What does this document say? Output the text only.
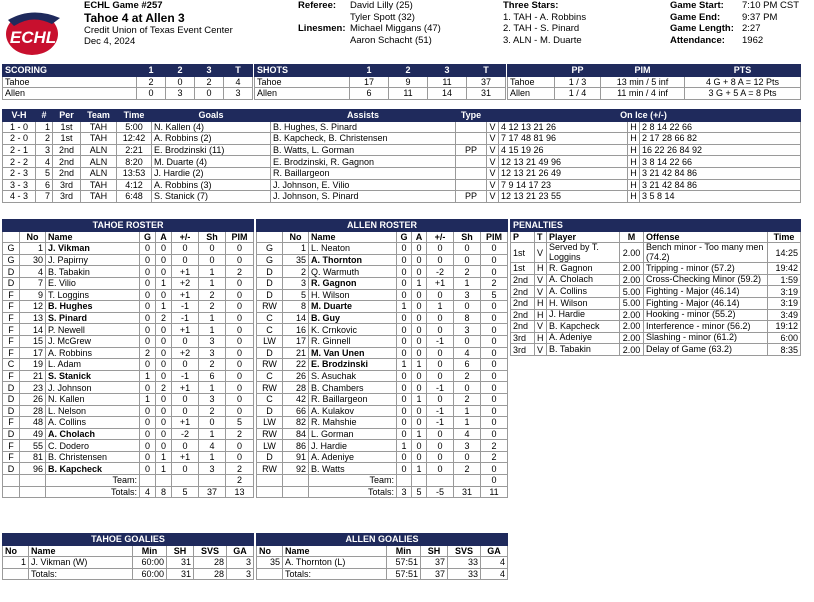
ECHL
ECHL Game #257
Tahoe 4 at Allen 3
Credit Union of Texas Event Center
Dec 4, 2024
Referee: David Lilly (25)
Tyler Spott (32)
Linesmen: Michael Miggans (47)
Aaron Schacht (51)
Three Stars:
1. TAH - A. Robbins
2. TAH - S. Pinard
3. ALN - M. Duarte
Game Start: 7:10 PM CST
Game End: 9:37 PM
Game Length: 2:27
Attendance: 1962
SCORING	1	2	3	T
Tahoe	2	0	2	4
Allen	0	3	0	3
SHOTS	1	2	3	T
Tahoe	17	9	11	37
Allen	6	11	14	31
	PP	PIM	PTS
Tahoe	1 / 3	13 min / 5 inf	4 G + 8 A = 12 Pts
Allen	1 / 4	11 min / 4 inf	3 G + 5 A = 8 Pts
V-H	#	Per	Team	Time	Goals	Assists	Type	On Ice (+/-)			
1 - 0	1	1st	TAH	5:00	N. Kallen (4)	B. Hughes, S. Pinard		V	4 12 13 21 26	H	2 8 14 22 66
2 - 0	2	1st	TAH	12:42	A. Robbins (2)	B. Kapcheck, B. Christensen		V	7 17 48 81 96	H	2 17 28 66 82
2 - 1	3	2nd	ALN	2:21	E. Brodzinski (11)	B. Watts, L. Gorman	PP	V	4 15 19 26	H	16 22 26 84 92
2 - 2	4	2nd	ALN	8:20	M. Duarte (4)	E. Brodzinski, R. Gagnon		V	12 13 21 49 96	H	3 8 14 22 66
2 - 3	5	2nd	ALN	13:53	J. Hardie (2)	R. Baillargeon		V	12 13 21 26 49	H	3 21 42 84 86
3 - 3	6	3rd	TAH	4:12	A. Robbins (3)	J. Johnson, E. Vilio		V	7 9 14 17 23	H	3 21 42 84 86
4 - 3	7	3rd	TAH	6:48	S. Stanick (7)	J. Johnson, S. Pinard	PP	V	12 13 21 23 55	H	3 5 8 14
TAHOE ROSTER							
	No	Name	G	A	+/-	Sh	PIM
G	1	J. Vikman	0	0	0	0	0
G	30	J. Papirny	0	0	0	0	0
D	4	B. Tabakin	0	0	+1	1	2
D	7	E. Vilio	0	1	+2	1	0
F	9	T. Loggins	0	0	+1	2	0
F	12	B. Hughes	0	1	-1	2	0
F	13	S. Pinard	0	2	-1	1	0
F	14	P. Newell	0	0	+1	1	0
F	15	J. McGrew	0	0	0	3	0
F	17	A. Robbins	2	0	+2	3	0
C	19	L. Adam	0	0	0	2	0
F	21	S. Stanick	1	0	-1	6	0
D	23	J. Johnson	0	2	+1	1	0
D	26	N. Kallen	1	0	0	3	0
D	28	L. Nelson	0	0	0	2	0
F	48	A. Collins	0	0	+1	0	5
D	49	A. Cholach	0	0	-2	1	2
F	55	C. Dodero	0	0	0	4	0
F	81	B. Christensen	0	1	+1	1	0
D	96	B. Kapcheck	0	1	0	3	2
		Team:					2
		Totals:	4	8	5	37	13
ALLEN ROSTER							
	No	Name	G	A	+/-	Sh	PIM
G	1	L. Neaton	0	0	0	0	0
G	35	A. Thornton	0	0	0	0	0
D	2	Q. Warmuth	0	0	-2	2	0
D	3	R. Gagnon	0	1	+1	1	2
D	5	H. Wilson	0	0	0	3	5
RW	8	M. Duarte	1	0	1	0	0
C	14	B. Guy	0	0	0	8	0
C	16	K. Crnkovic	0	0	0	3	0
LW	17	R. Ginnell	0	0	-1	0	0
D	21	M. Van Unen	0	0	0	4	0
RW	22	E. Brodzinski	1	1	0	6	0
C	26	S. Asuchak	0	0	0	2	0
RW	28	B. Chambers	0	0	-1	0	0
C	42	R. Baillargeon	0	1	0	2	0
D	66	A. Kulakov	0	0	-1	1	0
LW	82	R. Mahshie	0	0	-1	1	0
RW	84	L. Gorman	0	1	0	4	0
LW	86	J. Hardie	1	0	0	3	2
D	91	A. Adeniye	0	0	0	0	2
RW	92	B. Watts	0	1	0	2	0
		Team:					0
		Totals:	3	5	-5	31	11
PENALTIES					
P	T	Player	M	Offense	Time
1st	V	Served by T. Loggins	2.00	Bench minor - Too many men (74.2)	14:25
1st	H	R. Gagnon	2.00	Tripping - minor (57.2)	19:42
2nd	V	A. Cholach	2.00	Cross-Checking Minor (59.2)	1:59
2nd	V	A. Collins	5.00	Fighting - Major (46.14)	3:19
2nd	H	H. Wilson	5.00	Fighting - Major (46.14)	3:19
2nd	H	J. Hardie	2.00	Hooking - minor (55.2)	3:49
2nd	V	B. Kapcheck	2.00	Interference - minor (56.2)	19:12
3rd	H	A. Adeniye	2.00	Slashing - minor (61.2)	6:00
3rd	V	B. Tabakin	2.00	Delay of Game (63.2)	8:35
TAHOE GOALIES					
No	Name	Min	SH	SVS	GA
1	J. Vikman (W)	60:00	31	28	3
	Totals:	60:00	31	28	3
ALLEN GOALIES					
No	Name	Min	SH	SVS	GA
35	A. Thornton (L)	57:51	37	33	4
	Totals:	57:51	37	33	4
